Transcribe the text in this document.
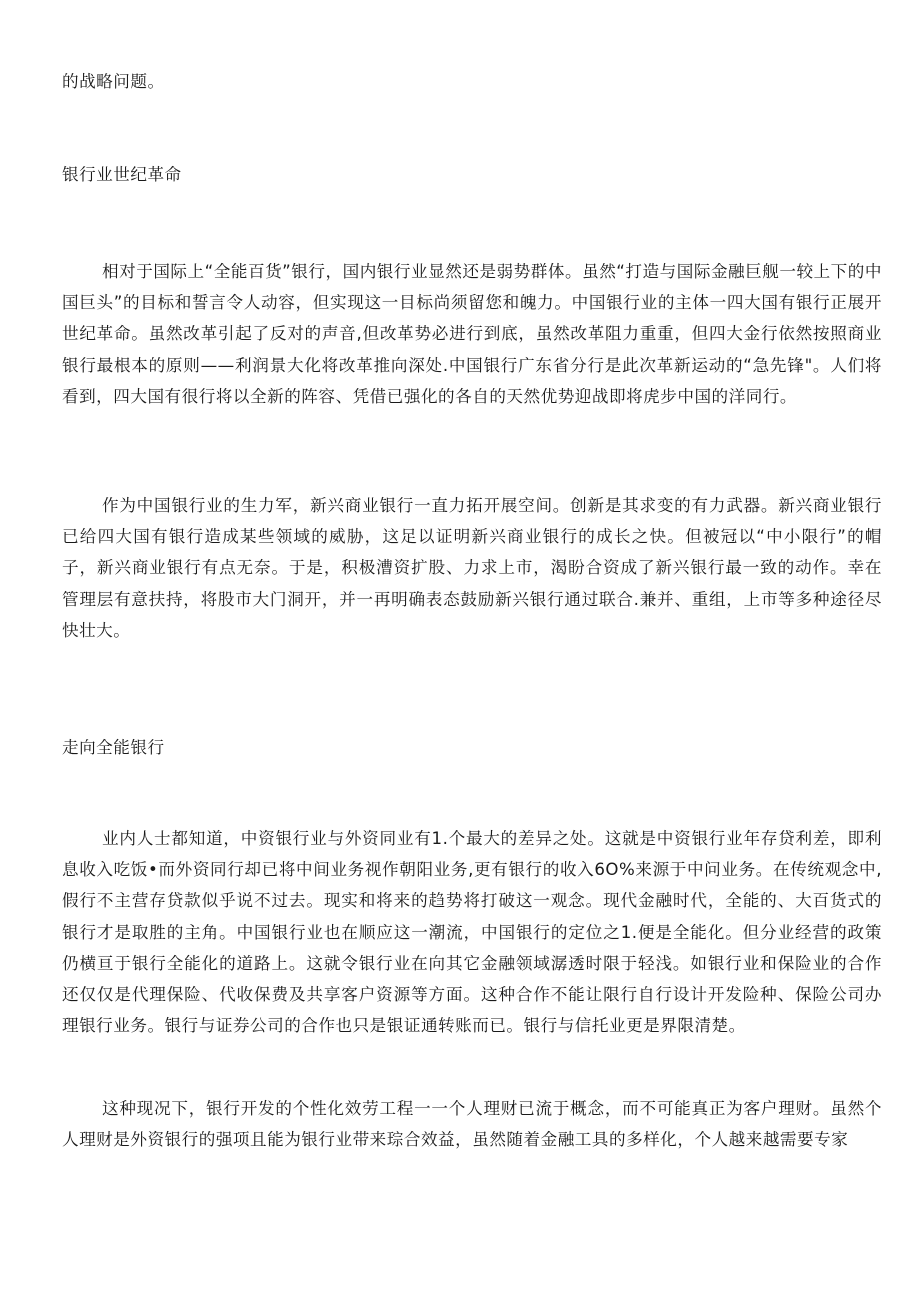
的战略问题。
银行业世纪革命
相对于国际上“全能百货”银行，国内银行业显然还是弱势群体。虽然“打造与国际金融巨舰一较上下的中国巨头”的目标和誓言令人动容，但实现这一目标尚须留您和魄力。中国银行业的主体一四大国有银行正展开世纪革命。虽然改革引起了反对的声音,但改革势必进行到底，虽然改革阻力重重，但四大金行依然按照商业银行最根本的原则——利润景大化将改革推向深处.中国银行广东省分行是此次革新运动的“急先锋"。人们将看到，四大国有很行将以全新的阵容、凭借已强化的各自的天然优势迎战即将虎步中国的洋同行。
作为中国银行业的生力军，新兴商业银行一直力拓开展空间。创新是其求变的有力武器。新兴商业银行已给四大国有银行造成某些领域的威胁，这足以证明新兴商业银行的成长之快。但被冠以“中小限行”的帽子，新兴商业银行有点无奈。于是，积极漕资扩股、力求上市，渴盼合资成了新兴银行最一致的动作。幸在管理层有意扶持，将股市大门洞开，并一再明确表态鼓励新兴银行通过联合.兼并、重组，上市等多种途径尽快壮大。
走向全能银行
业内人士都知道，中资银行业与外资同业有1.个最大的差异之处。这就是中资银行业年存贷利差，即利息收入吃饭•而外资同行却已将中间业务视作朝阳业务,更有银行的收入6O%来源于中问业务。在传统观念中,假行不主营存贷款似乎说不过去。现实和将来的趋势将打破这一观念。现代金融时代，全能的、大百货式的银行才是取胜的主角。中国银行业也在顺应这一潮流，中国银行的定位之1.便是全能化。但分业经营的政策仍横亘于银行全能化的道路上。这就令银行业在向其它金融领域潺透时限于轻浅。如银行业和保险业的合作还仅仅是代理保险、代收保费及共享客户资源等方面。这种合作不能让限行自行设计开发险种、保险公司办理银行业务。银行与证券公司的合作也只是银证通转账而已。银行与信托业更是界限清楚。
这种现况下，银行开发的个性化效劳工程一一个人理财已流于概念，而不可能真正为客户理财。虽然个人理财是外资银行的强项且能为银行业带来琮合效益，虽然随着金融工具的多样化，个人越来越需要专家
